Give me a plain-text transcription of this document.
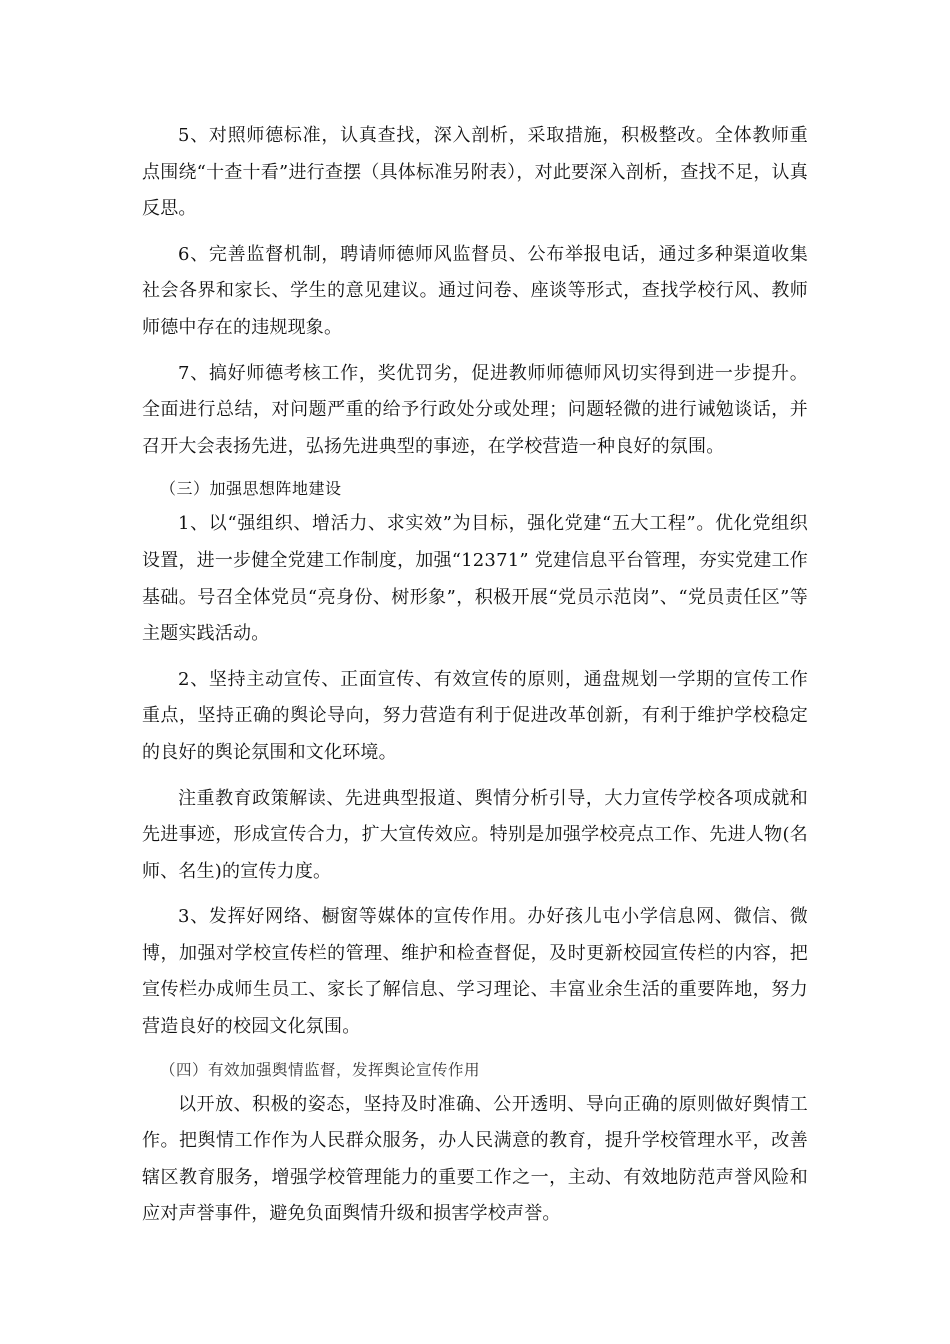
5、对照师德标准，认真查找，深入剖析，采取措施，积极整改。全体教师重点围绕“十查十看”进行查摆（具体标准另附表），对此要深入剖析，查找不足，认真反思。

6、完善监督机制，聘请师德师风监督员、公布举报电话，通过多种渠道收集社会各界和家长、学生的意见建议。通过问卷、座谈等形式，查找学校行风、教师师德中存在的违规现象。

7、搞好师德考核工作，奖优罚劣，促进教师师德师风切实得到进一步提升。全面进行总结，对问题严重的给予行政处分或处理；问题轻微的进行诫勉谈话，并召开大会表扬先进，弘扬先进典型的事迹，在学校营造一种良好的氛围。

（三）加强思想阵地建设

1、以“强组织、增活力、求实效”为目标，强化党建“五大工程”。优化党组织设置，进一步健全党建工作制度，加强“12371” 党建信息平台管理，夯实党建工作基础。号召全体党员“亮身份、树形象”，积极开展“党员示范岗”、“党员责任区”等主题实践活动。

2、坚持主动宣传、正面宣传、有效宣传的原则，通盘规划一学期的宣传工作重点，坚持正确的舆论导向，努力营造有利于促进改革创新，有利于维护学校稳定的良好的舆论氛围和文化环境。

注重教育政策解读、先进典型报道、舆情分析引导，大力宣传学校各项成就和先进事迹，形成宣传合力，扩大宣传效应。特别是加强学校亮点工作、先进人物(名师、名生)的宣传力度。

3、发挥好网络、橱窗等媒体的宣传作用。办好孩儿屯小学信息网、微信、微博，加强对学校宣传栏的管理、维护和检查督促，及时更新校园宣传栏的内容，把宣传栏办成师生员工、家长了解信息、学习理论、丰富业余生活的重要阵地，努力营造良好的校园文化氛围。

（四）有效加强舆情监督，发挥舆论宣传作用

以开放、积极的姿态，坚持及时准确、公开透明、导向正确的原则做好舆情工作。把舆情工作作为人民群众服务，办人民满意的教育，提升学校管理水平，改善辖区教育服务，增强学校管理能力的重要工作之一，主动、有效地防范声誉风险和应对声誉事件，避免负面舆情升级和损害学校声誉。
